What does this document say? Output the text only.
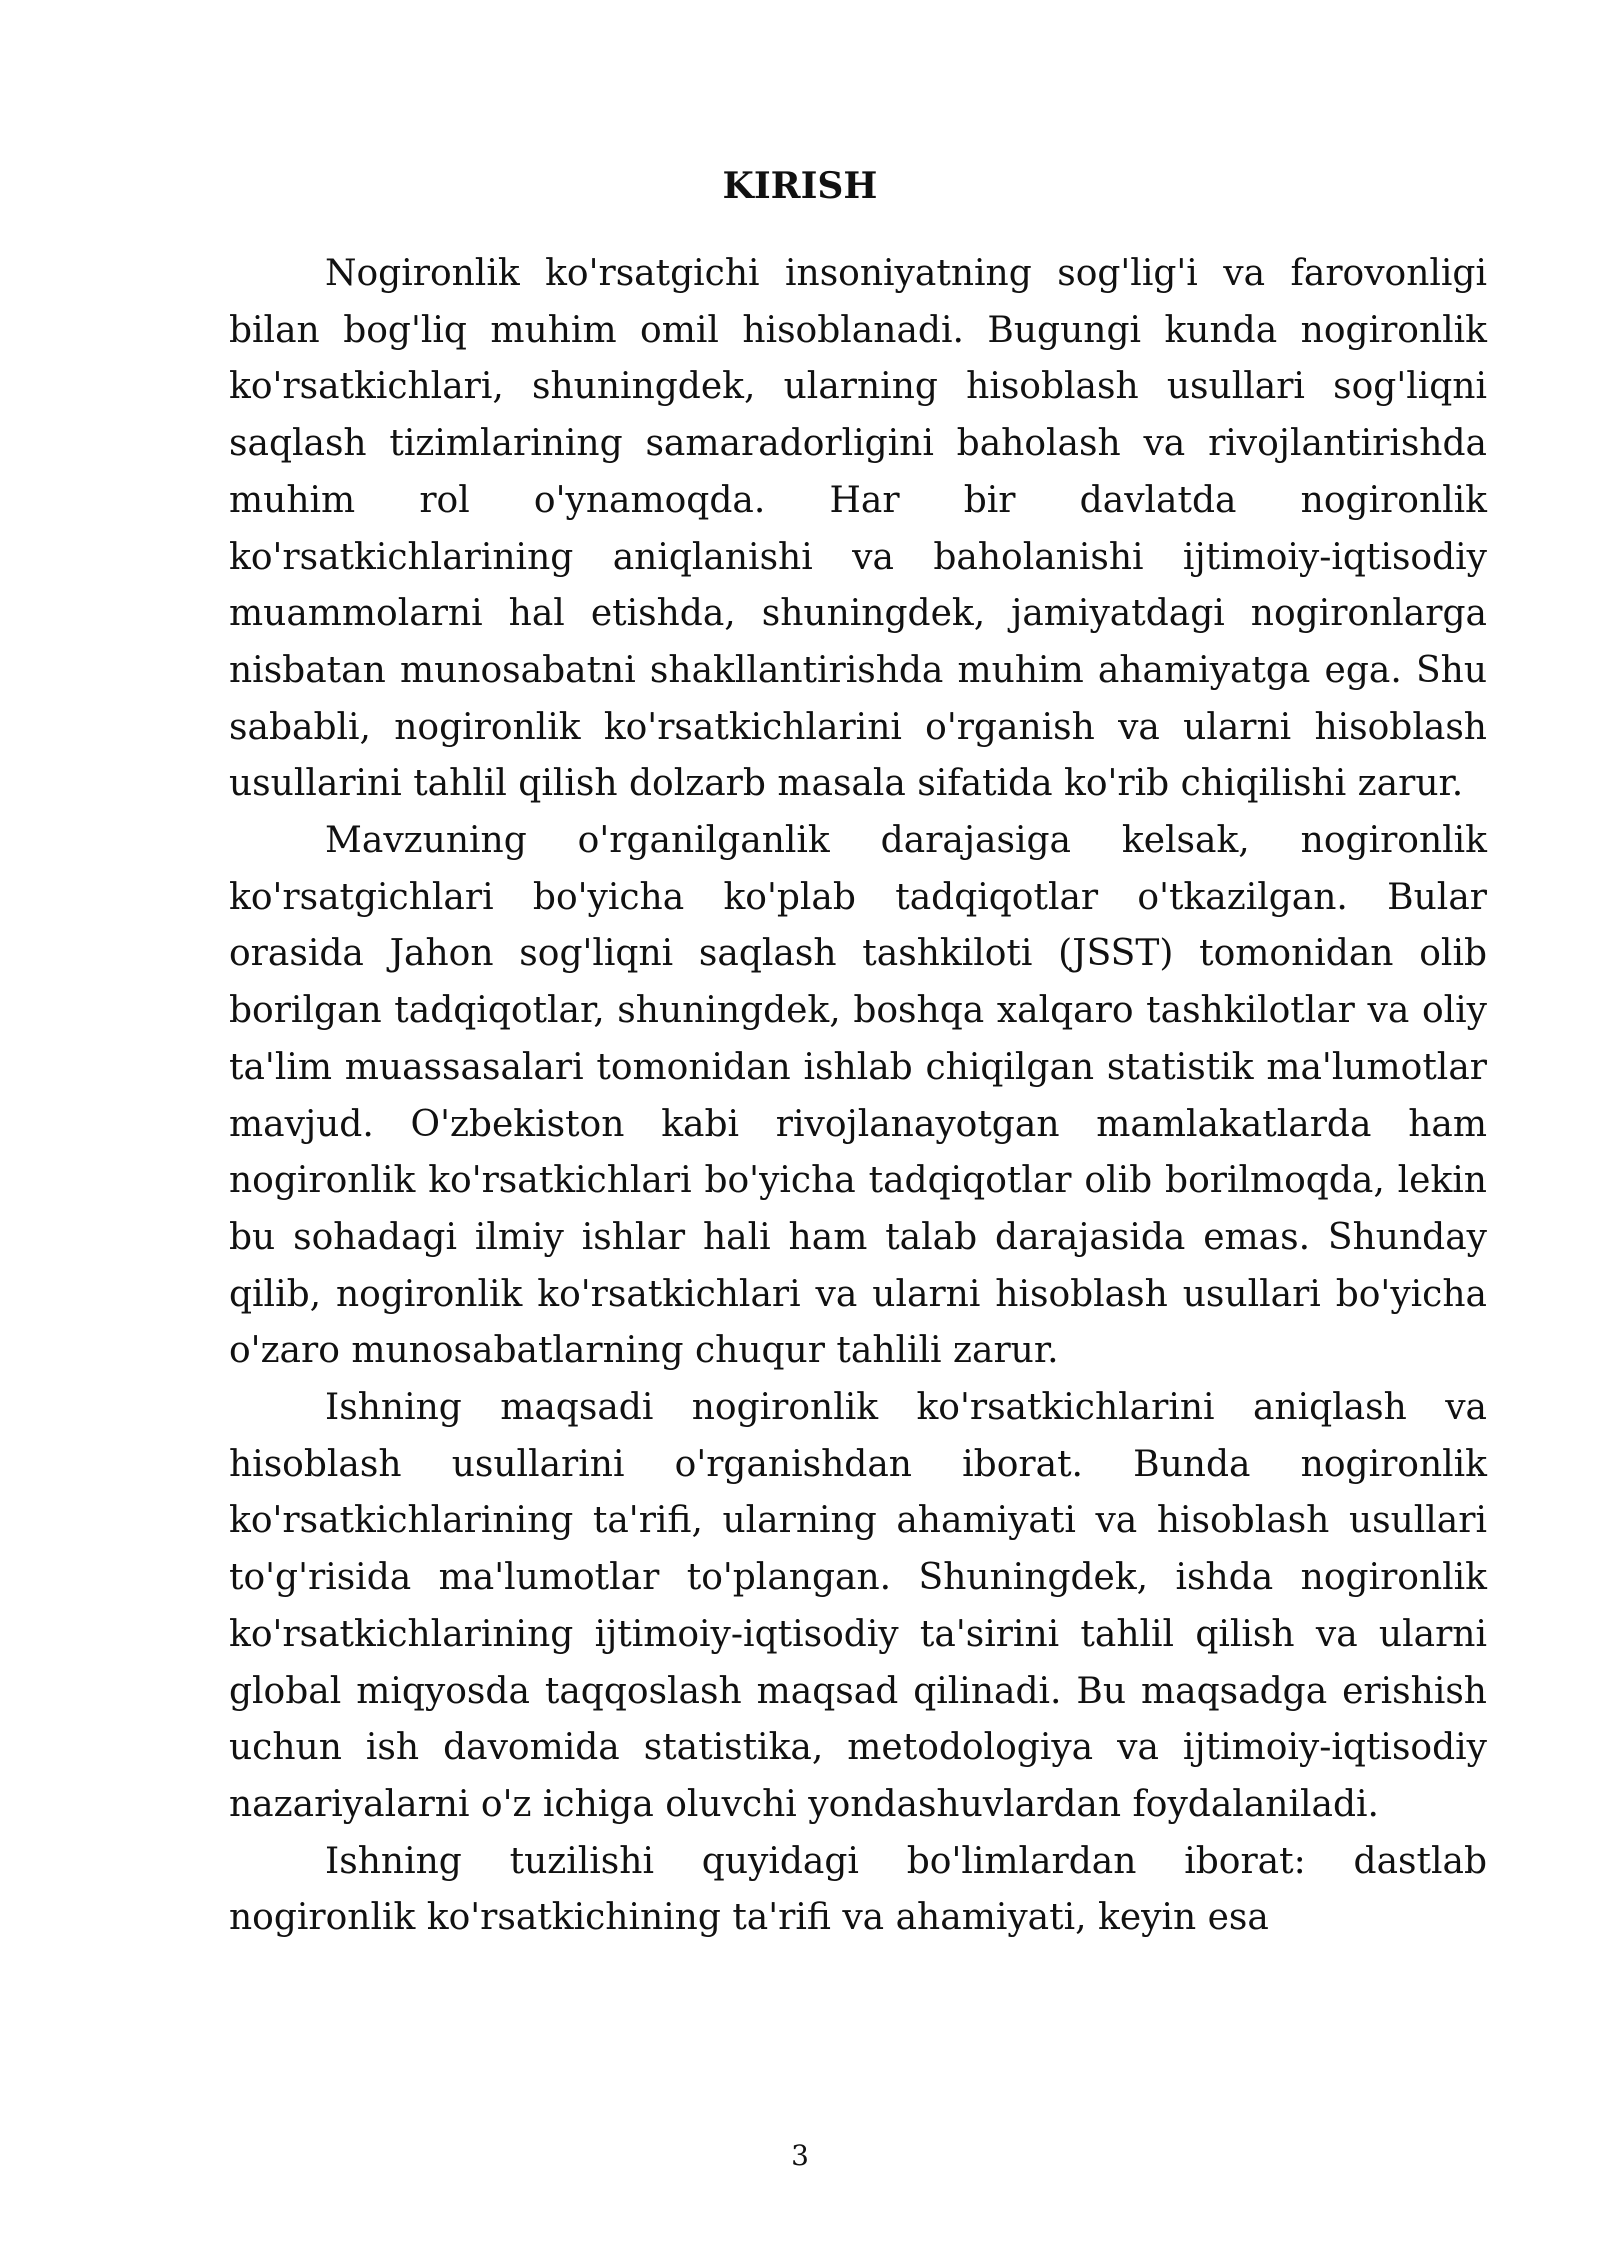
KIRISH

Nogironlik ko'rsatgichi insoniyatning sog'lig'i va farovonligi bilan bog'liq muhim omil hisoblanadi. Bugungi kunda nogironlik ko'rsatkichlari, shuningdek, ularning hisoblash usullari sog'liqni saqlash tizimlarining samaradorligini baholash va rivojlantirishda muhim rol o'ynamoqda. Har bir davlatda nogironlik ko'rsatkichlarining aniqlanishi va baholanishi ijtimoiy-iqtisodiy muammolarni hal etishda, shuningdek, jamiyatdagi nogironlarga nisbatan munosabatni shakllantirishda muhim ahamiyatga ega. Shu sababli, nogironlik ko'rsatkichlarini o'rganish va ularni hisoblash usullarini tahlil qilish dolzarb masala sifatida ko'rib chiqilishi zarur.

Mavzuning o'rganilganlik darajasiga kelsak, nogironlik ko'rsatgichlari bo'yicha ko'plab tadqiqotlar o'tkazilgan. Bular orasida Jahon sog'liqni saqlash tashkiloti (JSST) tomonidan olib borilgan tadqiqotlar, shuningdek, boshqa xalqaro tashkilotlar va oliy ta'lim muassasalari tomonidan ishlab chiqilgan statistik ma'lumotlar mavjud. O'zbekiston kabi rivojlanayotgan mamlakatlarda ham nogironlik ko'rsatkichlari bo'yicha tadqiqotlar olib borilmoqda, lekin bu sohadagi ilmiy ishlar hali ham talab darajasida emas. Shunday qilib, nogironlik ko'rsatkichlari va ularni hisoblash usullari bo'yicha o'zaro munosabatlarning chuqur tahlili zarur.

Ishning maqsadi nogironlik ko'rsatkichlarini aniqlash va hisoblash usullarini o'rganishdan iborat. Bunda nogironlik ko'rsatkichlarining ta'rifi, ularning ahamiyati va hisoblash usullari to'g'risida ma'lumotlar to'plangan. Shuningdek, ishda nogironlik ko'rsatkichlarining ijtimoiy-iqtisodiy ta'sirini tahlil qilish va ularni global miqyosda taqqoslash maqsad qilinadi. Bu maqsadga erishish uchun ish davomida statistika, metodologiya va ijtimoiy-iqtisodiy nazariyalarni o'z ichiga oluvchi yondashuvlardan foydalaniladi.

Ishning tuzilishi quyidagi bo'limlardan iborat: dastlab nogironlik ko'rsatkichining ta'rifi va ahamiyati, keyin esa

3
